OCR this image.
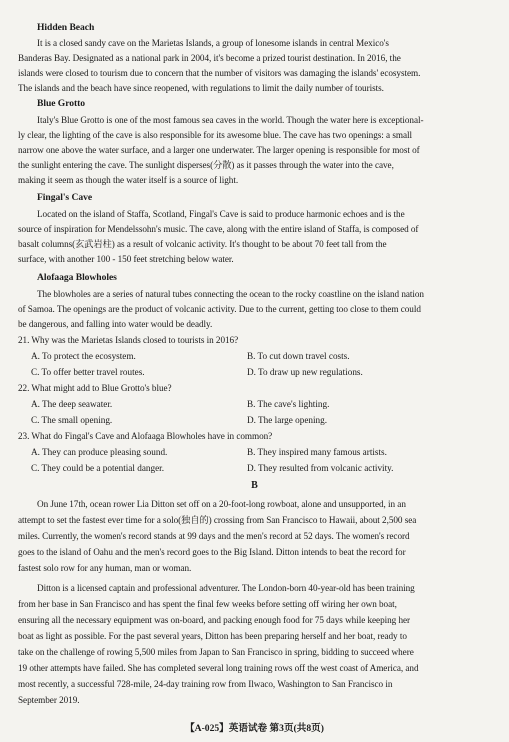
Hidden Beach
It is a closed sandy cave on the Marietas Islands, a group of lonesome islands in central Mexico's
Banderas Bay. Designated as a national park in 2004, it's become a prized tourist destination. In 2016, the
islands were closed to tourism due to concern that the number of visitors was damaging the islands' ecosystem.
The islands and the beach have since reopened, with regulations to limit the daily number of tourists.
Blue Grotto
Italy's Blue Grotto is one of the most famous sea caves in the world. Though the water here is exceptional-
ly clear, the lighting of the cave is also responsible for its awesome blue. The cave has two openings: a small
narrow one above the water surface, and a larger one underwater. The larger opening is responsible for most of
the sunlight entering the cave. The sunlight disperses(分散) as it passes through the water into the cave,
making it seem as though the water itself is a source of light.
Fingal's Cave
Located on the island of Staffa, Scotland, Fingal's Cave is said to produce harmonic echoes and is the
source of inspiration for Mendelssohn's music. The cave, along with the entire island of Staffa, is composed of
basalt columns(玄武岩柱) as a result of volcanic activity. It's thought to be about 70 feet tall from the
surface, with another 100 - 150 feet stretching below water.
Alofaaga Blowholes
The blowholes are a series of natural tubes connecting the ocean to the rocky coastline on the island nation
of Samoa. The openings are the product of volcanic activity. Due to the current, getting too close to them could
be dangerous, and falling into water would be deadly.
21. Why was the Marietas Islands closed to tourists in 2016?
A. To protect the ecosystem.	B. To cut down travel costs.
C. To offer better travel routes.	D. To draw up new regulations.
22. What might add to Blue Grotto's blue?
A. The deep seawater.	B. The cave's lighting.
C. The small opening.	D. The large opening.
23. What do Fingal's Cave and Alofaaga Blowholes have in common?
A. They can produce pleasing sound.	B. They inspired many famous artists.
C. They could be a potential danger.	D. They resulted from volcanic activity.
B
On June 17th, ocean rower Lia Ditton set off on a 20-foot-long rowboat, alone and unsupported, in an
attempt to set the fastest ever time for a solo(独自的) crossing from San Francisco to Hawaii, about 2,500 sea
miles. Currently, the women's record stands at 99 days and the men's record at 52 days. The women's record
goes to the island of Oahu and the men's record goes to the Big Island. Ditton intends to beat the record for
fastest solo row for any human, man or woman.
Ditton is a licensed captain and professional adventurer. The London-born 40-year-old has been training
from her base in San Francisco and has spent the final few weeks before setting off wiring her own boat,
ensuring all the necessary equipment was on-board, and packing enough food for 75 days while keeping her
boat as light as possible. For the past several years, Ditton has been preparing herself and her boat, ready to
take on the challenge of rowing 5,500 miles from Japan to San Francisco in spring, bidding to succeed where
19 other attempts have failed. She has completed several long training rows off the west coast of America, and
most recently, a successful 728-mile, 24-day training row from Ilwaco, Washington to San Francisco in
September 2019.
【A-025】英语试卷 第3页(共8页)
